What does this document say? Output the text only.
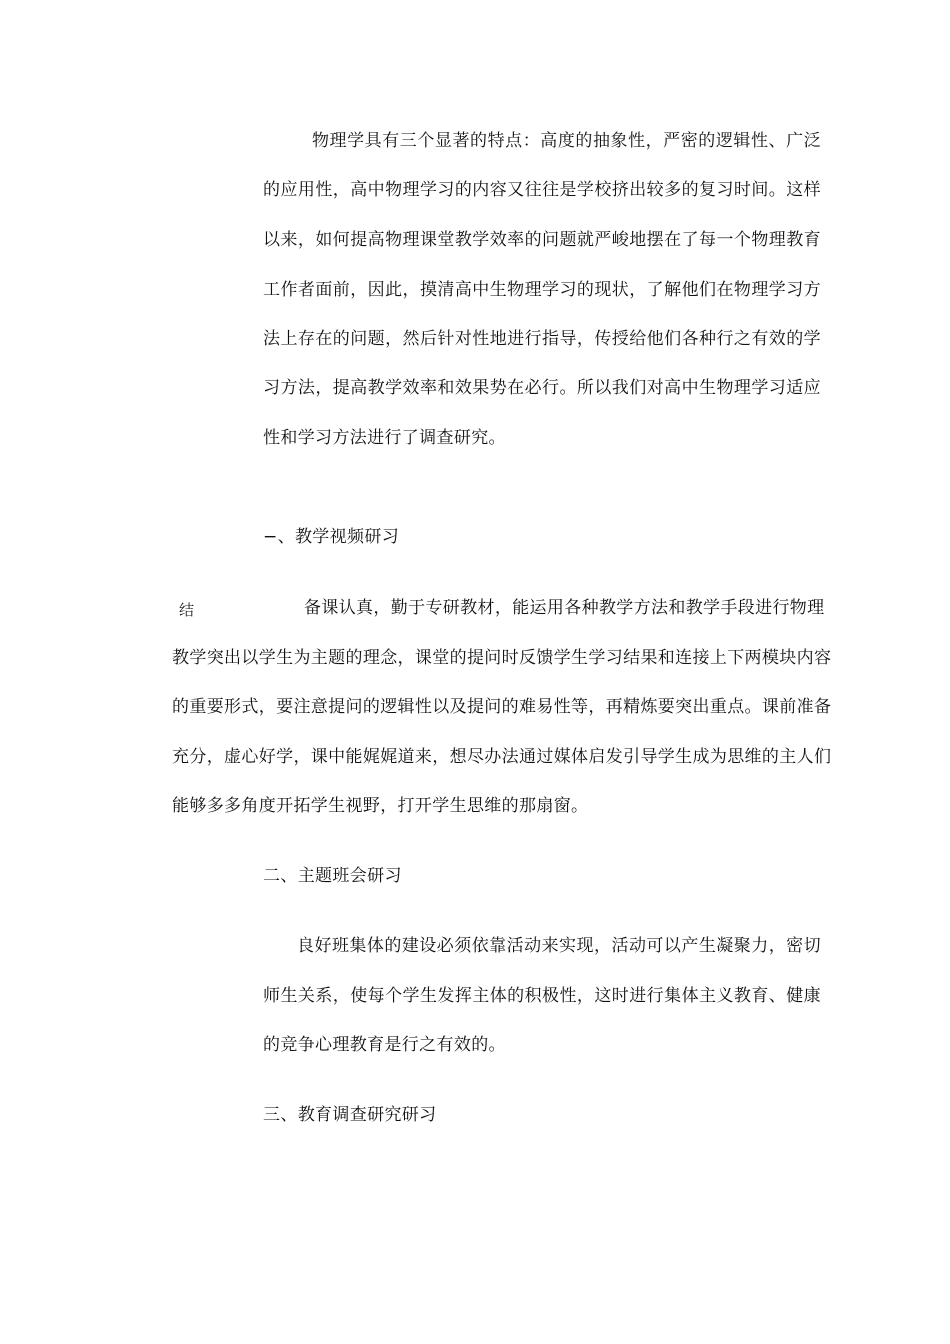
物理学具有三个显著的特点：高度的抽象性，严密的逻辑性、广泛
的应用性，高中物理学习的内容又往往是学校挤出较多的复习时间。这样
以来，如何提高物理课堂教学效率的问题就严峻地摆在了每一个物理教育
工作者面前，因此，摸清高中生物理学习的现状，了解他们在物理学习方
法上存在的问题，然后针对性地进行指导，传授给他们各种行之有效的学
习方法，提高教学效率和效果势在必行。所以我们对高中生物理学习适应
性和学习方法进行了调查研究。
−、教学视频研习
结	备课认真，勤于专研教材，能运用各种教学方法和教学手段进行物理
教学突出以学生为主题的理念，课堂的提问时反馈学生学习结果和连接上下两模块内容
的重要形式，要注意提问的逻辑性以及提问的难易性等，再精炼要突出重点。课前准备
充分，虚心好学，课中能娓娓道来，想尽办法通过媒体启发引导学生成为思维的主人们
能够多多角度开拓学生视野，打开学生思维的那扇窗。
二、主题班会研习
良好班集体的建设必须依靠活动来实现，活动可以产生凝聚力，密切
师生关系，使每个学生发挥主体的积极性，这时进行集体主义教育、健康
的竞争心理教育是行之有效的。
三、教育调查研究研习
